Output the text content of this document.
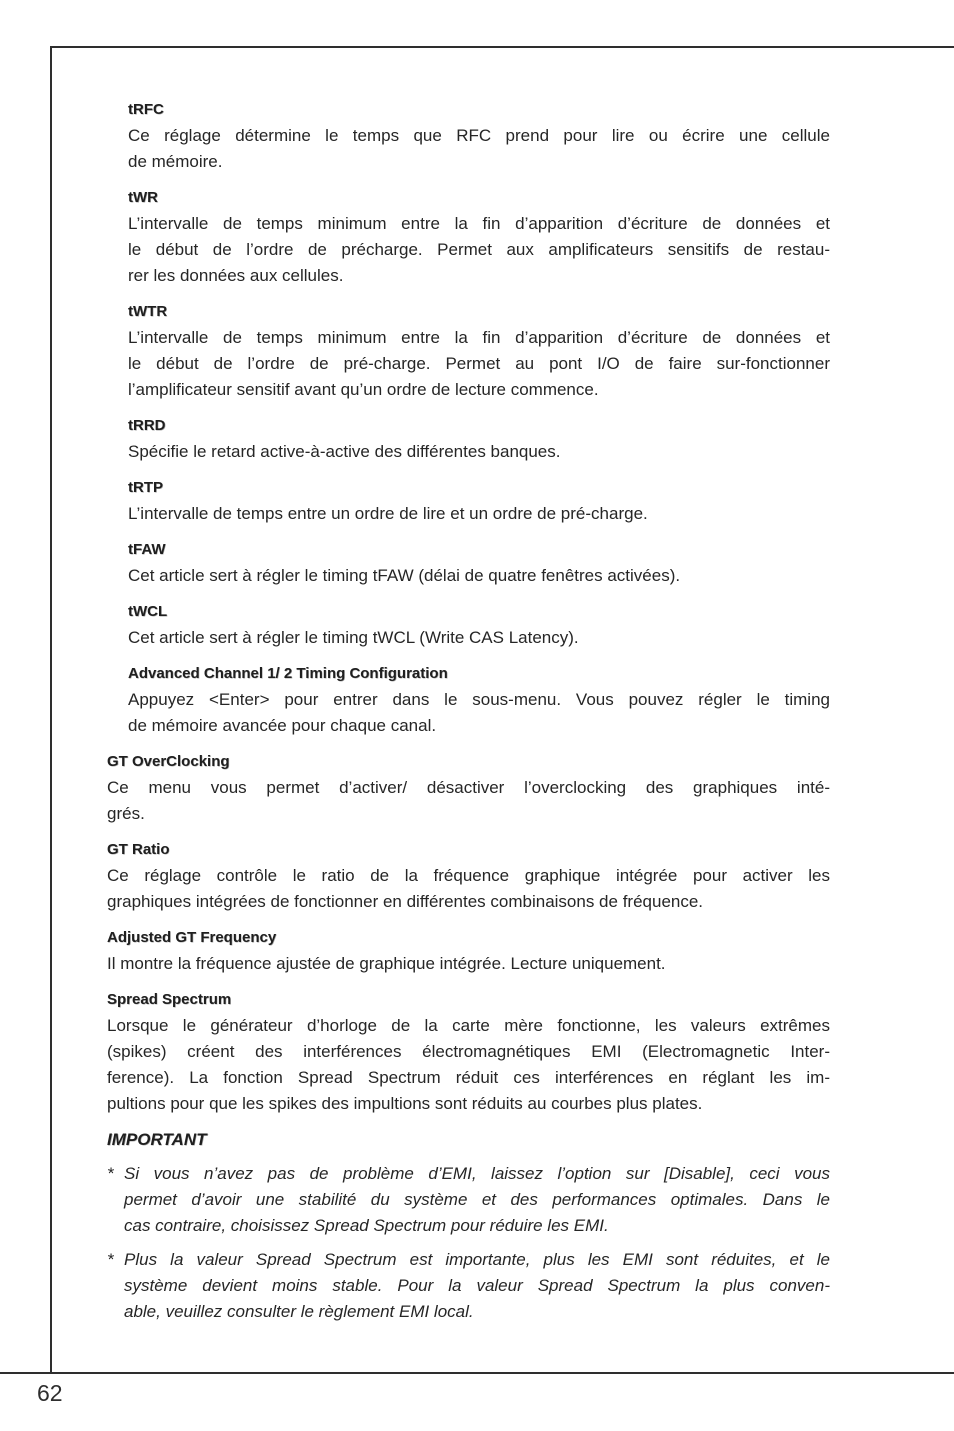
tRFC
Ce réglage détermine le temps que RFC prend pour lire ou écrire une cellule
de mémoire.
tWR
L’intervalle de temps minimum entre la fin d’apparition d’écriture de données et
le début de l’ordre de précharge. Permet aux amplificateurs sensitifs de restau-
rer les données aux cellules.
tWTR
L’intervalle de temps minimum entre la fin d’apparition d’écriture de données et
le début de l’ordre de pré-charge. Permet au pont I/O de faire sur-fonctionner
l’amplificateur sensitif avant qu’un ordre de lecture commence.
tRRD
Spécifie le retard active-à-active des différentes banques.
tRTP
L’intervalle de temps entre un ordre de lire et un ordre de pré-charge.
tFAW
Cet article sert à régler le timing tFAW (délai de quatre fenêtres activées).
tWCL
Cet article sert à régler le timing tWCL (Write CAS Latency).
Advanced Channel 1/ 2 Timing Configuration
Appuyez <Enter> pour entrer dans le sous-menu. Vous pouvez régler le timing
de mémoire avancée pour chaque canal.
GT OverClocking
Ce menu vous permet d’activer/ désactiver l’overclocking des graphiques inté-
grés.
GT Ratio
Ce réglage contrôle le ratio de la fréquence graphique intégrée pour activer les
graphiques intégrées de fonctionner en différentes combinaisons de fréquence.
Adjusted GT Frequency
Il montre la fréquence ajustée de graphique intégrée. Lecture uniquement.
Spread Spectrum
Lorsque le générateur d’horloge de la carte mère fonctionne, les valeurs extrêmes
(spikes) créent des interférences électromagnétiques EMI (Electromagnetic Inter-
ference). La fonction Spread Spectrum réduit ces interférences en réglant les im-
pultions pour que les spikes des impultions sont réduits au courbes plus plates.
IMPORTANT
* Si vous n’avez pas de problème d’EMI, laissez l’option sur [Disable], ceci vous
permet d’avoir une stabilité du système et des performances optimales. Dans le
cas contraire, choisissez Spread Spectrum pour réduire les EMI.
* Plus la valeur Spread Spectrum est importante, plus les EMI sont réduites, et le
système devient moins stable. Pour la valeur Spread Spectrum la plus conven-
able, veuillez consulter le règlement EMI local.
62
